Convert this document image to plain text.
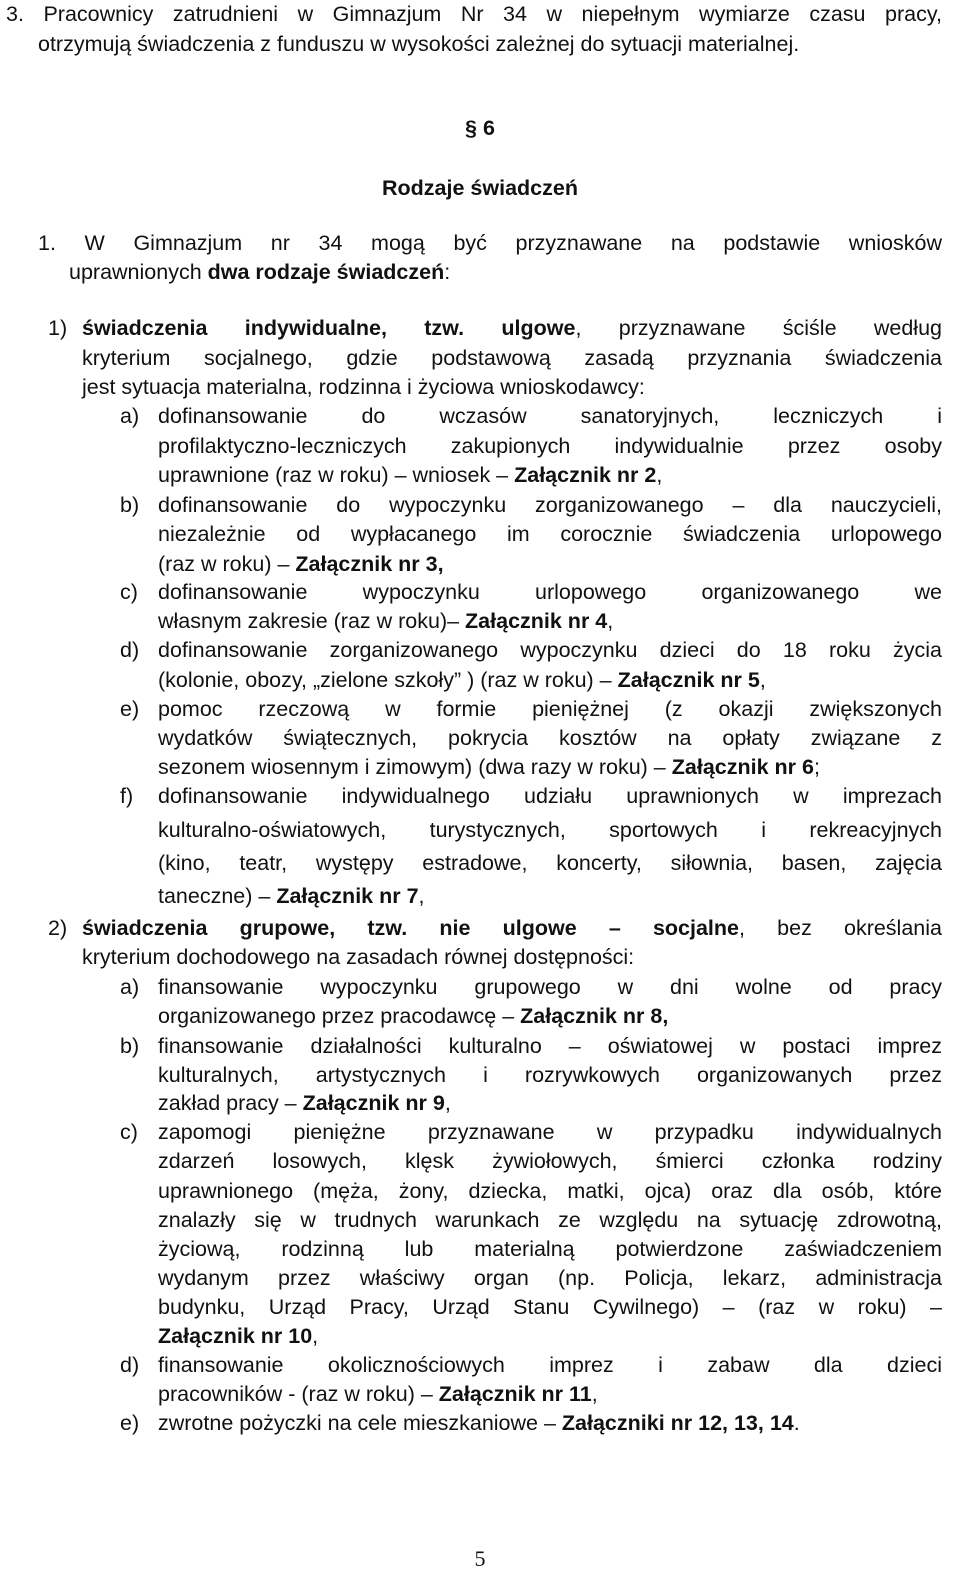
3. Pracownicy zatrudnieni w Gimnazjum Nr 34 w niepełnym wymiarze czasu pracy,
otrzymują świadczenia z funduszu w wysokości zależnej do sytuacji materialnej.
§ 6
Rodzaje świadczeń
1. W Gimnazjum nr 34 mogą być przyznawane na podstawie wniosków
uprawnionych dwa rodzaje świadczeń:
1) świadczenia indywidualne, tzw. ulgowe, przyznawane ściśle według
kryterium socjalnego, gdzie podstawową zasadą przyznania świadczenia
jest sytuacja materialna, rodzinna i życiowa wnioskodawcy:
a) dofinansowanie do wczasów sanatoryjnych, leczniczych i
profilaktyczno-leczniczych zakupionych indywidualnie przez osoby
uprawnione (raz w roku) – wniosek – Załącznik nr 2,
b) dofinansowanie do wypoczynku zorganizowanego – dla nauczycieli,
niezależnie od wypłacanego im corocznie świadczenia urlopowego
(raz w roku) – Załącznik nr 3,
c) dofinansowanie wypoczynku urlopowego organizowanego we
własnym zakresie (raz w roku)– Załącznik nr 4,
d) dofinansowanie zorganizowanego wypoczynku dzieci do 18 roku życia
(kolonie, obozy, „zielone szkoły” ) (raz w roku) – Załącznik nr 5,
e) pomoc rzeczową w formie pieniężnej (z okazji zwiększonych
wydatków świątecznych, pokrycia kosztów na opłaty związane z
sezonem wiosennym i zimowym) (dwa razy w roku) – Załącznik nr 6;
f) dofinansowanie indywidualnego udziału uprawnionych w imprezach
kulturalno-oświatowych, turystycznych, sportowych i rekreacyjnych
(kino, teatr, występy estradowe, koncerty, siłownia, basen, zajęcia
taneczne) – Załącznik nr 7,
2) świadczenia grupowe, tzw. nie ulgowe – socjalne, bez określania
kryterium dochodowego na zasadach równej dostępności:
a) finansowanie wypoczynku grupowego w dni wolne od pracy
organizowanego przez pracodawcę – Załącznik nr 8,
b) finansowanie działalności kulturalno – oświatowej w postaci imprez
kulturalnych, artystycznych i rozrywkowych organizowanych przez
zakład pracy – Załącznik nr 9,
c) zapomogi pieniężne przyznawane w przypadku indywidualnych
zdarzeń losowych, klęsk żywiołowych, śmierci członka rodziny
uprawnionego (męża, żony, dziecka, matki, ojca) oraz dla osób, które
znalazły się w trudnych warunkach ze względu na sytuację zdrowotną,
życiową, rodzinną lub materialną potwierdzone zaświadczeniem
wydanym przez właściwy organ (np. Policja, lekarz, administracja
budynku, Urząd Pracy, Urząd Stanu Cywilnego) – (raz w roku) –
Załącznik nr 10,
d) finansowanie okolicznościowych imprez i zabaw dla dzieci
pracowników - (raz w roku) – Załącznik nr 11,
e) zwrotne pożyczki na cele mieszkaniowe – Załączniki nr 12, 13, 14.
5
